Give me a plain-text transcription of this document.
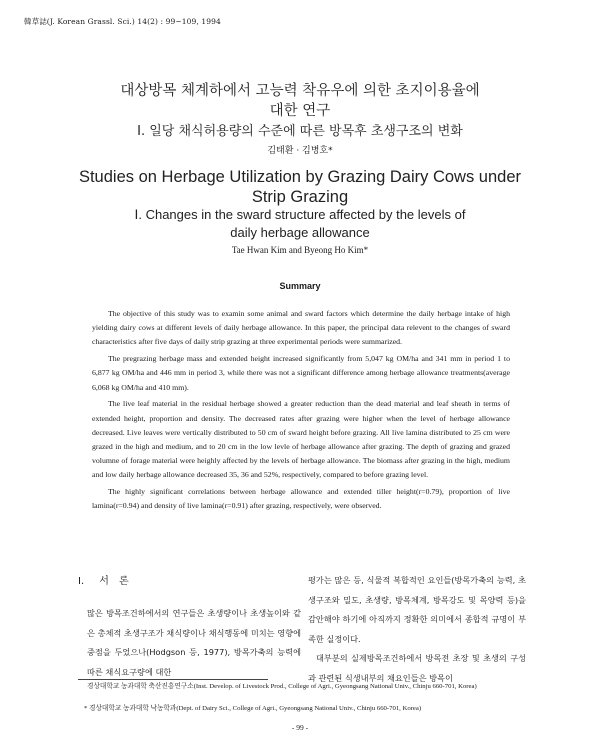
韓草誌(J. Korean Grassl. Sci.) 14(2) : 99~109, 1994
대상방목 체계하에서 고능력 착유우에 의한 초지이용율에
대한 연구
Ⅰ. 일당 채식허용량의 수준에 따른 방목후 초생구조의 변화
김태환 · 김병호*
Studies on Herbage Utilization by Grazing Dairy Cows under
Strip Grazing
Ⅰ. Changes in the sward structure affected by the levels of
daily herbage allowance
Tae Hwan Kim and Byeong Ho Kim*
Summary

The objective of this study was to examin some animal and sward factors which determine the daily herbage intake of high yielding dairy cows at different levels of daily herbage allowance. In this paper, the principal data relevent to the changes of sward characteristics after five days of daily strip grazing at three experimental periods were summarized.

The pregrazing herbage mass and extended height increased significantly from 5,047 kg OM/ha and 341 mm in period 1 to 6,877 kg OM/ha and 446 mm in period 3, while there was not a significant difference among herbage allowance treatments(average 6,068 kg OM/ha and 410 mm).

The live leaf material in the residual herbage showed a greater reduction than the dead material and leaf sheath in terms of extended height, proportion and density. The decreased rates after grazing were higher when the level of herbage allowance decreased. Live leaves were vertically distributed to 50 cm of sward height before grazing. All live lamina distributed to 25 cm were grazed in the high and medium, and to 20 cm in the low levle of herbage allowance after grazing. The depth of grazing and grazed volumne of forage material were heighly affected by the levels of herbage allowance. The biomass after grazing in the high, medium and low daily herbage allowance decreased 35, 36 and 52%, respectively, compared to before grazing level.

The highly significant correlations between herbage allowance and extended tiller height(r=0.79), proportion of live lamina(r=0.94) and density of live lamina(r=0.91) after grazing, respectively, were observed.

Ⅰ. 서　론

많은 방목조건하에서의 연구들은 초생량이나 초생높이와 같은 총체적 초생구조가 채식량이나 채식행동에 미치는 영향에 중점을 두었으나(Hodgson 등, 1977), 방목가축의 능력에 따른 채식요구량에 대한

평가는 많은 등, 식물적 복합적인 요인들(방목가축의 능력, 초생구조와 밀도, 초생량, 방목체계, 방목강도 및 목양력 등)을 감안해야 하기에 아직까지 정확한 의미에서 종합적 규명이 부족한 실정이다.

대부분의 실제방목조건하에서 방목전 초장 및 초생의 구성과 관련된 식생내부의 채요인들은 방목이

경상대학교 농과대학 축산진흥연구소(Inst. Develop. of Livestock Prod., College of Agri., Gyeongsang National Univ., Chinju 660-701, Korea)
* 경상대학교 농과대학 낙농학과(Dept. of Dairy Sci., College of Agri., Gyeongsang National Univ., Chinju 660-701, Korea)
- 99 -
